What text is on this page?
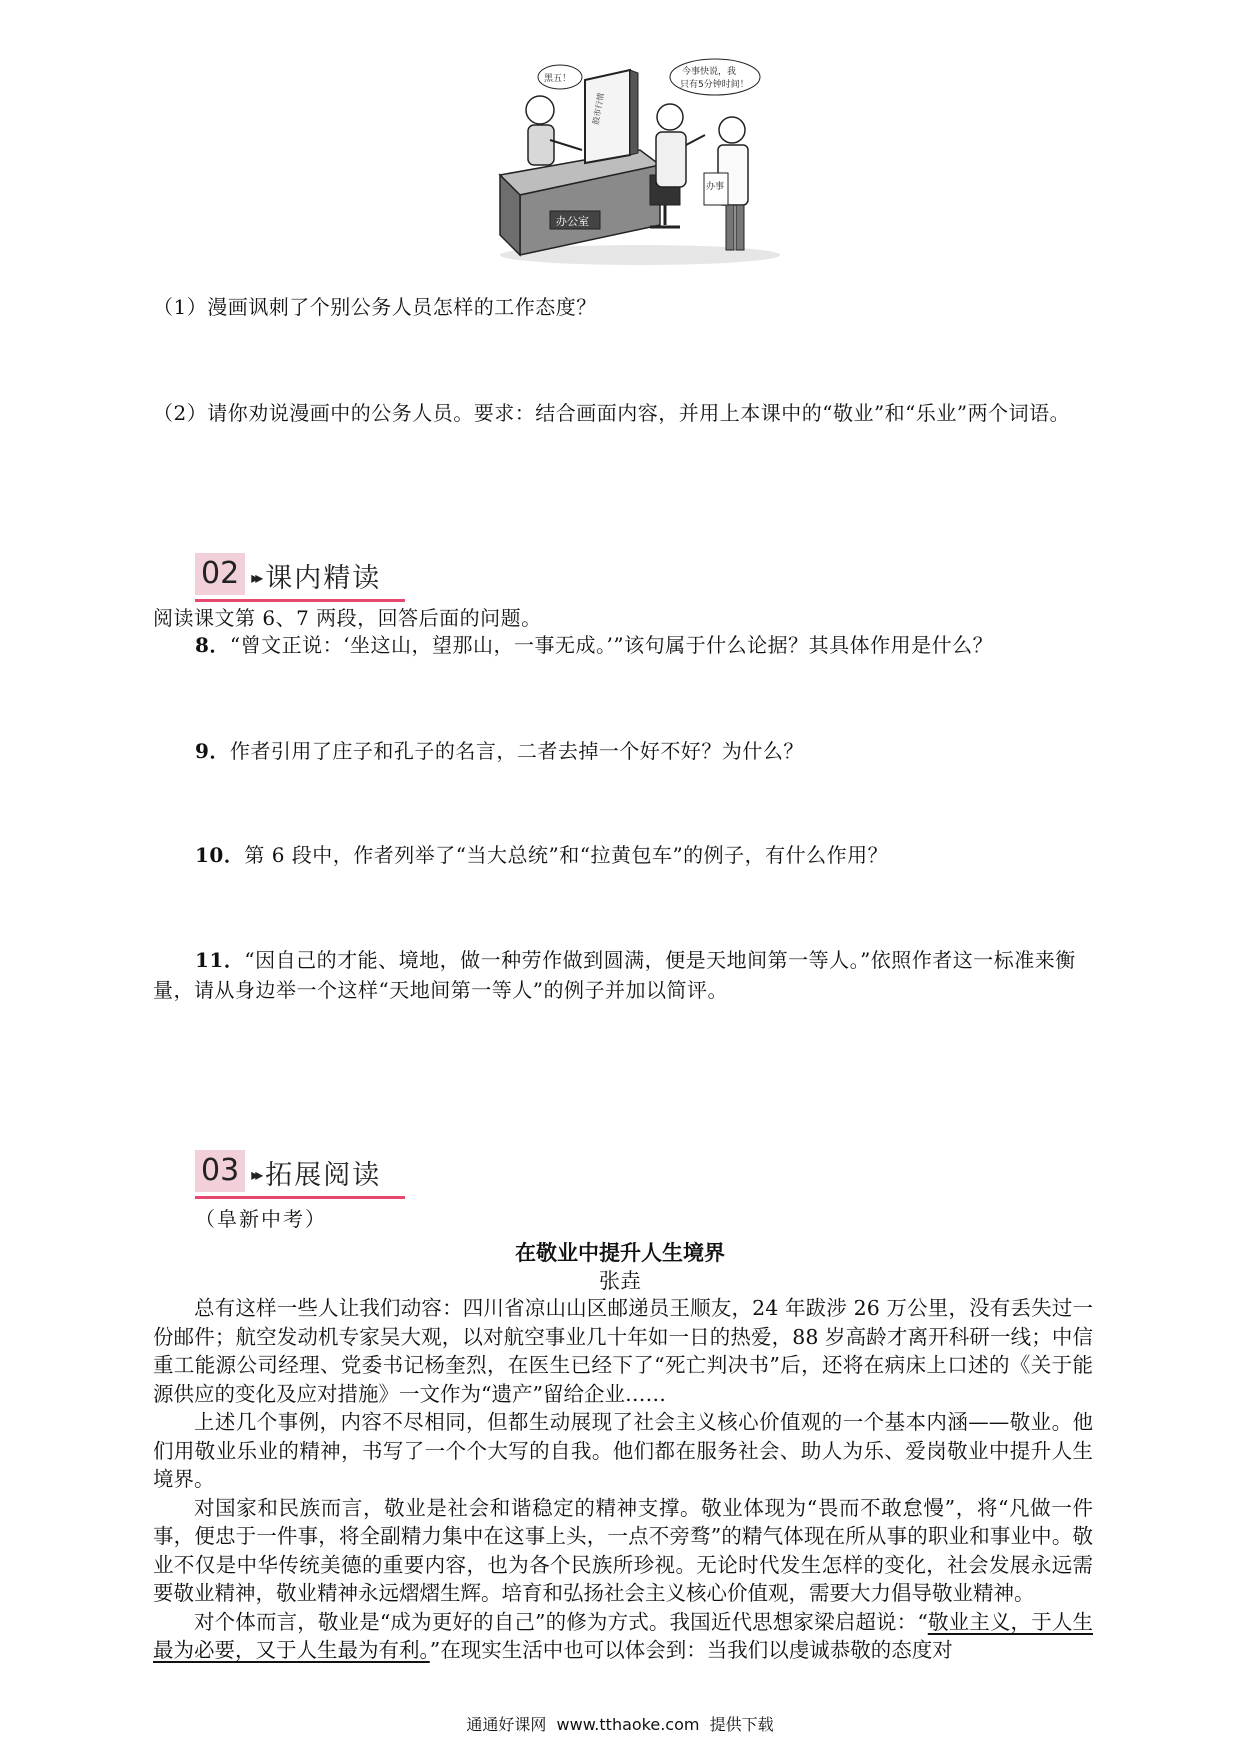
办公室
股市行情
黑五！
今事快说，我
只有5分钟时间！
办事
（1）漫画讽刺了个别公务人员怎样的工作态度？
（2）请你劝说漫画中的公务人员。要求：结合画面内容，并用上本课中的“敬业”和“乐业”两个词语。
02 ▸▸ 课内精读
阅读课文第 6、7 两段，回答后面的问题。
8．“曾文正说：‘坐这山，望那山，一事无成。’”该句属于什么论据？其具体作用是什么？
9．作者引用了庄子和孔子的名言，二者去掉一个好不好？为什么？
10．第 6 段中，作者列举了“当大总统”和“拉黄包车”的例子，有什么作用？
11．“因自己的才能、境地，做一种劳作做到圆满，便是天地间第一等人。”依照作者这一标准来衡量，请从身边举一个这样“天地间第一等人”的例子并加以简评。
03 ▸▸ 拓展阅读
（阜新中考）
在敬业中提升人生境界
张垚

总有这样一些人让我们动容：四川省凉山山区邮递员王顺友，24 年跋涉 26 万公里，没有丢失过一份邮件；航空发动机专家吴大观，以对航空事业几十年如一日的热爱，88 岁高龄才离开科研一线；中信重工能源公司经理、党委书记杨奎烈，在医生已经下了“死亡判决书”后，还将在病床上口述的《关于能源供应的变化及应对措施》一文作为“遗产”留给企业……

上述几个事例，内容不尽相同，但都生动展现了社会主义核心价值观的一个基本内涵——敬业。他们用敬业乐业的精神，书写了一个个大写的自我。他们都在服务社会、助人为乐、爱岗敬业中提升人生境界。

对国家和民族而言，敬业是社会和谐稳定的精神支撑。敬业体现为“畏而不敢怠慢”，将“凡做一件事，便忠于一件事，将全副精力集中在这事上头，一点不旁骛”的精气体现在所从事的职业和事业中。敬业不仅是中华传统美德的重要内容，也为各个民族所珍视。无论时代发生怎样的变化，社会发展永远需要敬业精神，敬业精神永远熠熠生辉。培育和弘扬社会主义核心价值观，需要大力倡导敬业精神。

对个体而言，敬业是“成为更好的自己”的修为方式。我国近代思想家梁启超说：“敬业主义，于人生最为必要，又于人生最为有利。”在现实生活中也可以体会到：当我们以虔诚恭敬的态度对

通通好课网  www.tthaoke.com  提供下载
